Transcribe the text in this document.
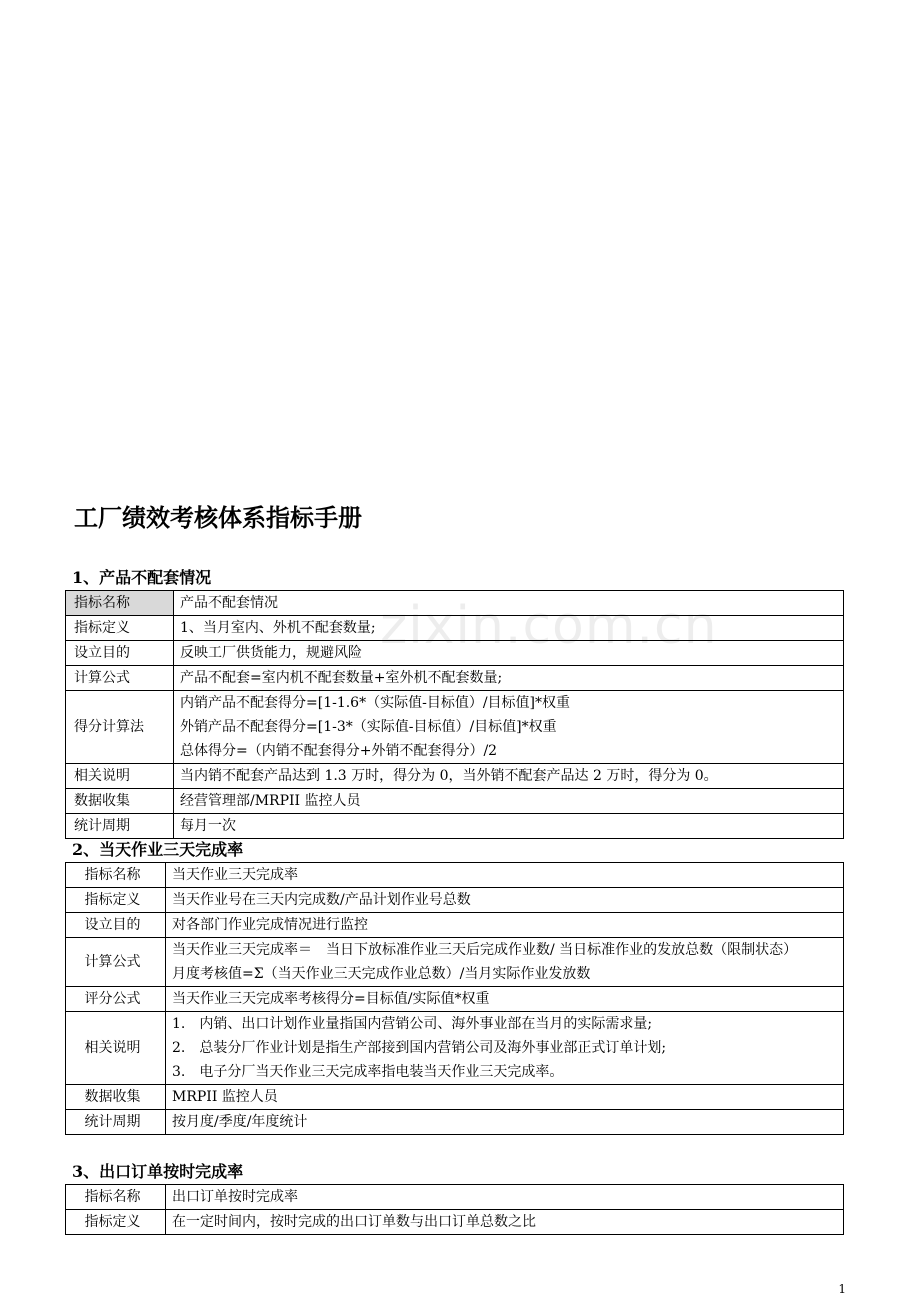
工厂绩效考核体系指标手册
1、产品不配套情况
指标名称	产品不配套情况

指标定义	1、当月室内、外机不配套数量;

设立目的	反映工厂供货能力，规避风险

计算公式	产品不配套=室内机不配套数量+室外机不配套数量;

得分计算法	内销产品不配套得分=[1-1.6*（实际值-目标值）/目标值]*权重
外销产品不配套得分=[1-3*（实际值-目标值）/目标值]*权重
总体得分=（内销不配套得分+外销不配套得分）/2

相关说明	当内销不配套产品达到 1.3 万时，得分为 0，当外销不配套产品达 2 万时，得分为 0。

数据收集	经营管理部/MRPII 监控人员

统计周期	每月一次
2、当天作业三天完成率
指标名称	当天作业三天完成率

指标定义	当天作业号在三天内完成数/产品计划作业号总数

设立目的	对各部门作业完成情况进行监控

计算公式	当天作业三天完成率＝　当日下放标准作业三天后完成作业数/ 当日标准作业的发放总数（限制状态）
月度考核值=Σ（当天作业三天完成作业总数）/当月实际作业发放数

评分公式	当天作业三天完成率考核得分=目标值/实际值*权重

相关说明	1.　内销、出口计划作业量指国内营销公司、海外事业部在当月的实际需求量;
2.　总装分厂作业计划是指生产部接到国内营销公司及海外事业部正式订单计划;
3.　电子分厂当天作业三天完成率指电装当天作业三天完成率。

数据收集	MRPII 监控人员

统计周期	按月度/季度/年度统计
3、出口订单按时完成率
指标名称	出口订单按时完成率

指标定义	在一定时间内，按时完成的出口订单数与出口订单总数之比
zixin.com.cn
1
